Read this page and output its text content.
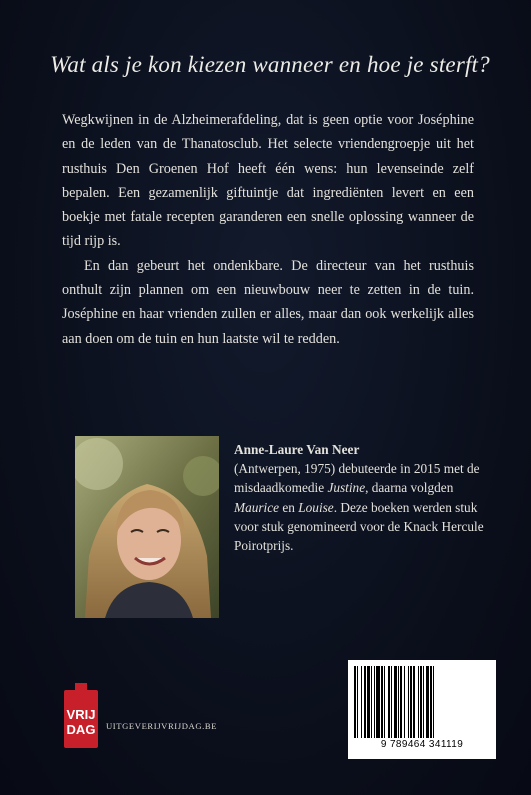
Wat als je kon kiezen wanneer en hoe je sterft?

Wegkwijnen in de Alzheimerafdeling, dat is geen optie voor Joséphine en de leden van de Thanatosclub. Het selecte vriendengroepje uit het rusthuis Den Groenen Hof heeft één wens: hun levenseinde zelf bepalen. Een gezamenlijk giftuintje dat ingrediënten levert en een boekje met fatale recepten garanderen een snelle oplossing wanneer de tijd rijp is.

En dan gebeurt het ondenkbare. De directeur van het rusthuis onthult zijn plannen om een nieuwbouw neer te zetten in de tuin. Joséphine en haar vrienden zullen er alles, maar dan ook werkelijk alles aan doen om de tuin en hun laatste wil te redden.

Anne-Laure Van Neer
(Antwerpen, 1975) debuteerde in 2015 met de misdaadkomedie Justine, daarna volgden Maurice en Louise. Deze boeken werden stuk voor stuk genomineerd voor de Knack Hercule Poirotprijs.
VRIJ
DAG UITGEVERIJVRIJDAG.BE
9 789464 341119
